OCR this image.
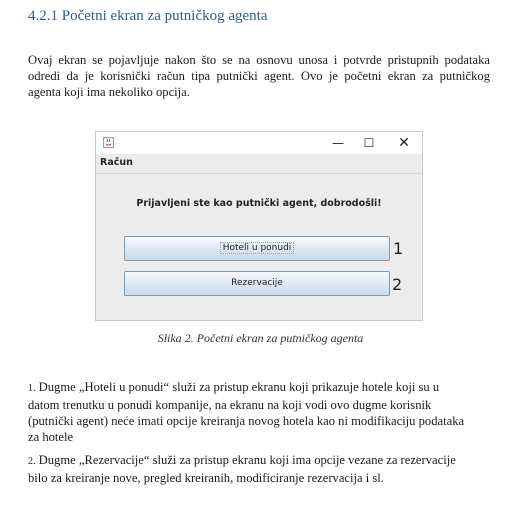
4.2.1 Početni ekran za putničkog agenta
Ovaj ekran se pojavljuje nakon što se na osnovu unosa i potvrde pristupnih podataka
odredi da je korisnički račun tipa putnički agent. Ovo je početni ekran za putničkog
agenta koji ima nekoliko opcija.
—	☐	✕
Račun
Prijavljeni ste kao putnički agent, dobrodošli!
Hoteli u ponudi
Rezervacije
1
2
Slika 2. Početni ekran za putničkog agenta
1. Dugme „Hoteli u ponudi“ služi za pristup ekranu koji prikazuje hotele koji su u
datom trenutku u ponudi kompanije, na ekranu na koji vodi ovo dugme korisnik
(putnički agent) neće imati opcije kreiranja novog hotela kao ni modifikaciju podataka
za hotele
2. Dugme „Rezervacije“ služi za pristup ekranu koji ima opcije vezane za rezervacije
bilo za kreiranje nove, pregled kreiranih, modificiranje rezervacija i sl.
